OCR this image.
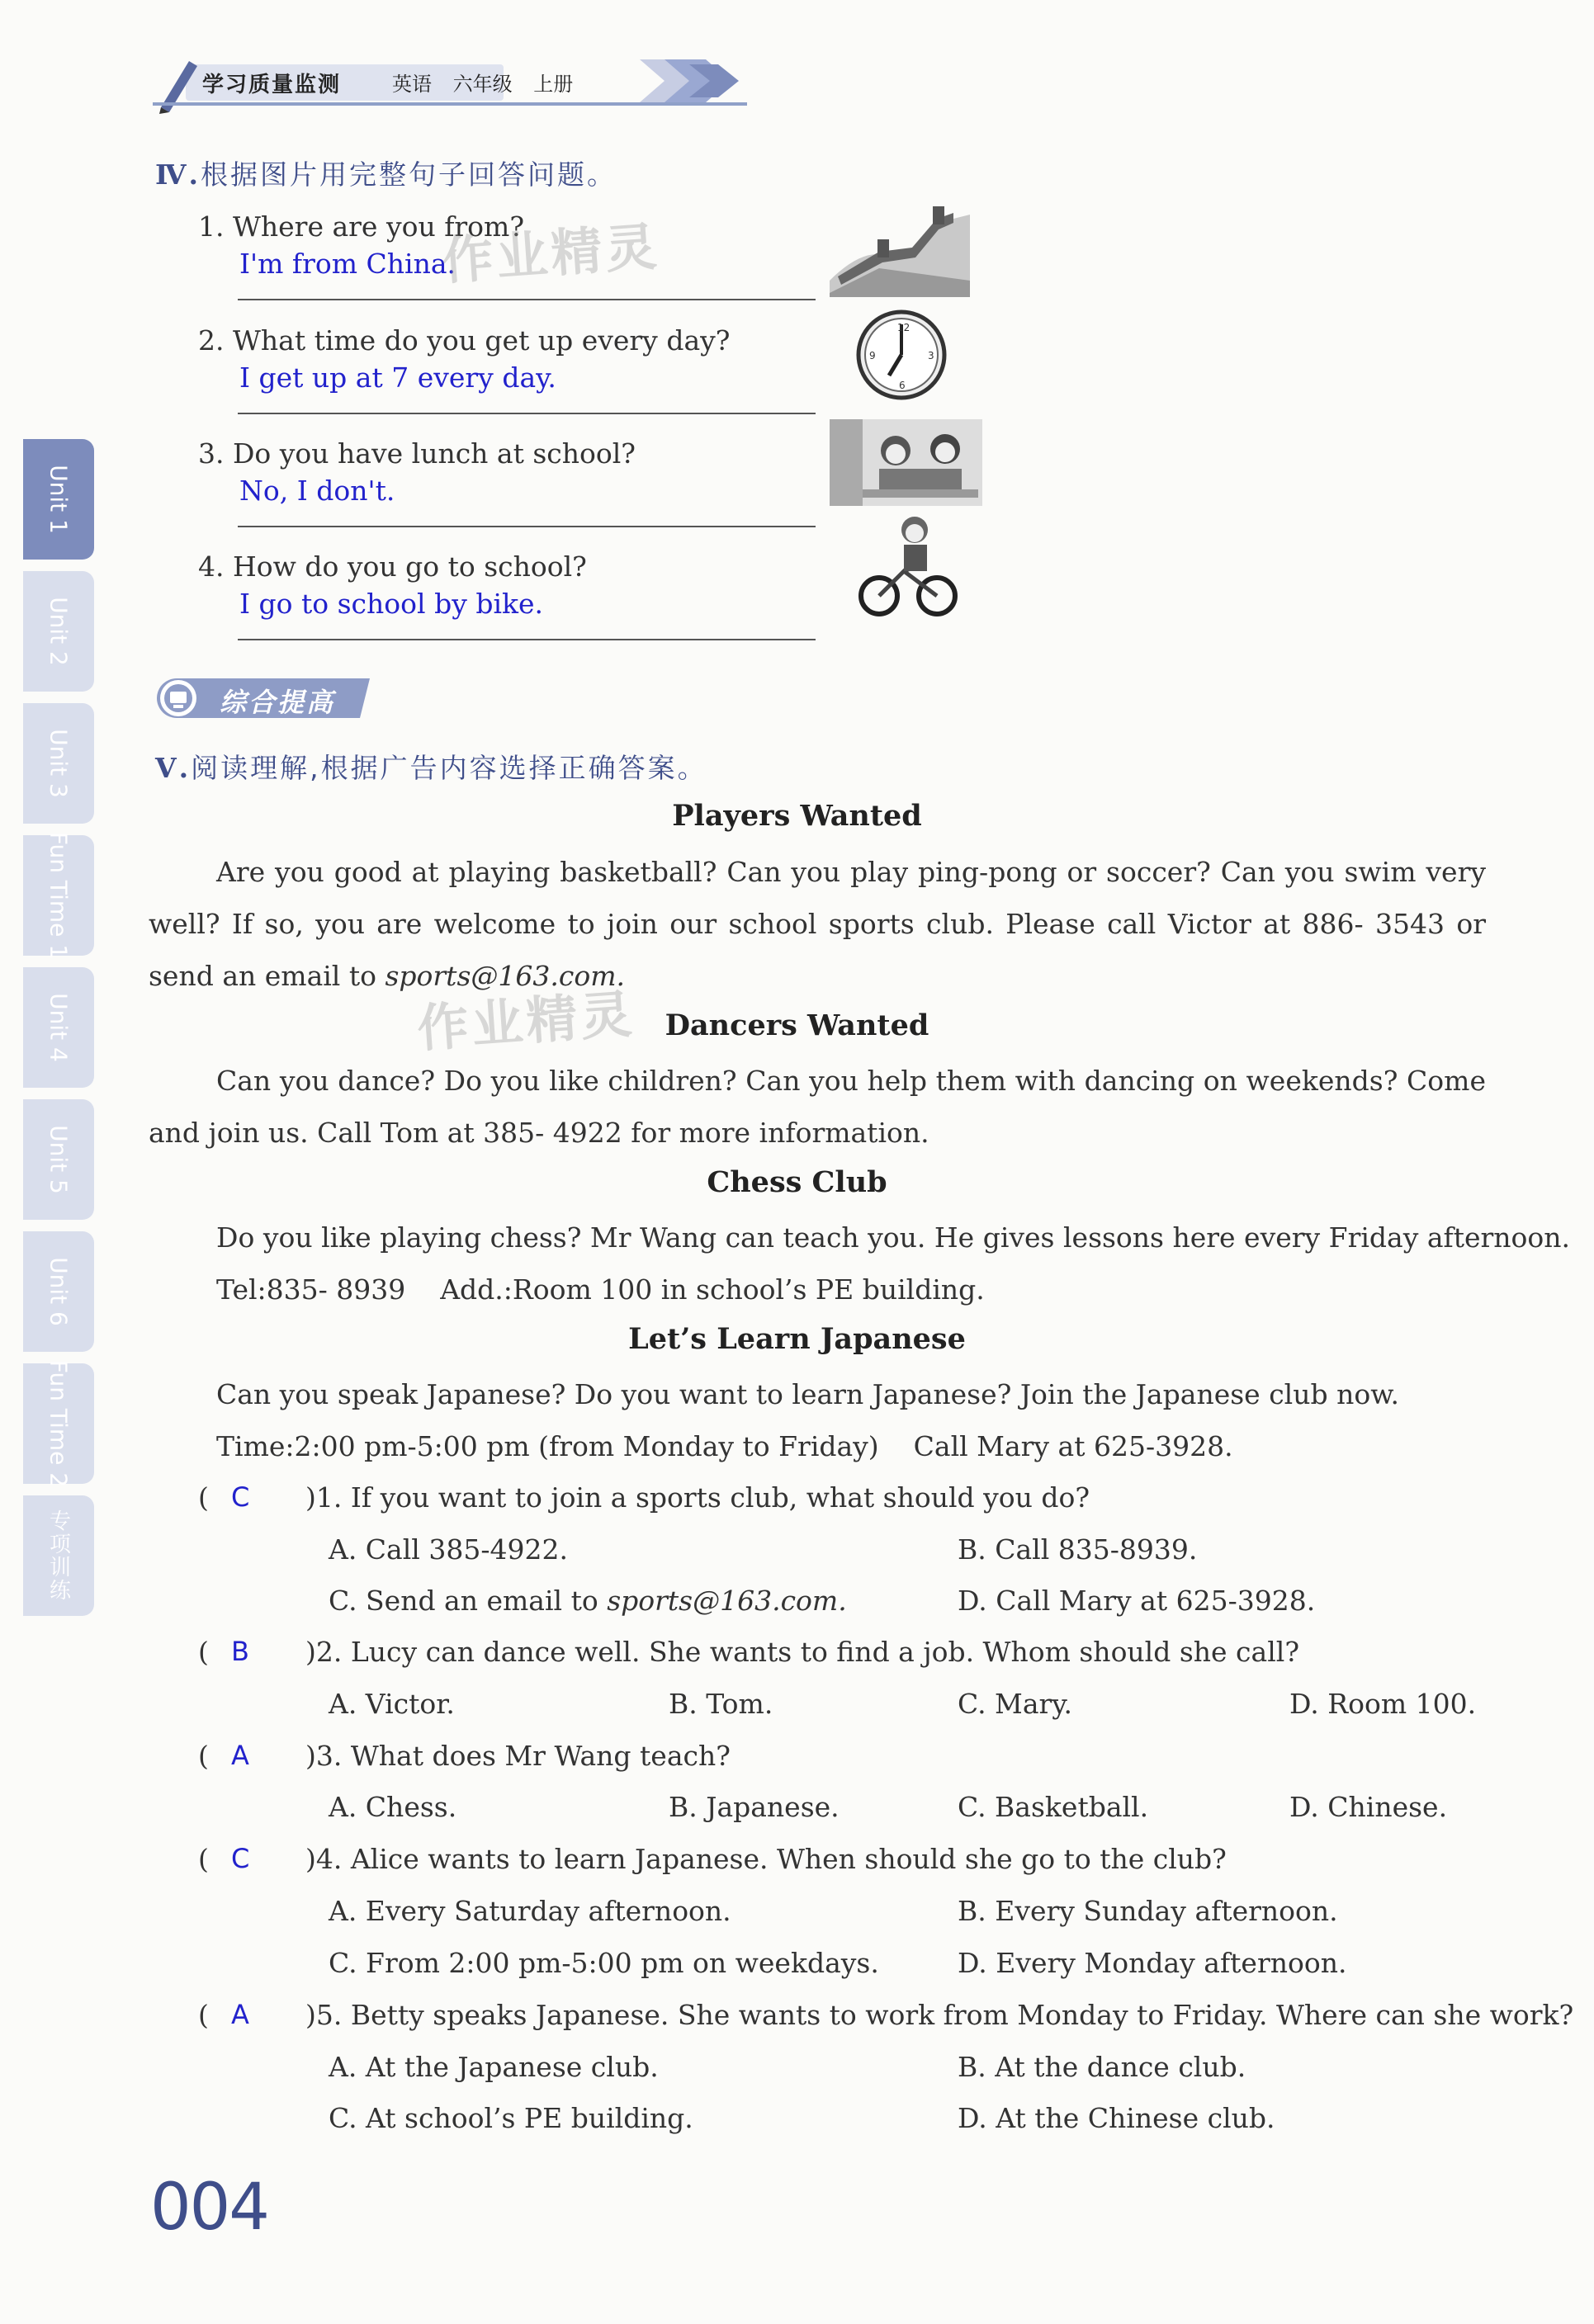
学习质量监测	英语 六年级 上册
Unit 1
Unit 2
Unit 3
Fun Time 1
Unit 4
Unit 5
Unit 6
Fun Time 2
专项训练
Ⅳ.根据图片用完整句子回答问题。
1. Where are you from?
I'm from China.
2. What time do you get up every day?
I get up at 7 every day.
3. Do you have lunch at school?
No, I don't.
4. How do you go to school?
I go to school by bike.
12
3
6
9
作业精灵
作业精灵
综合提高
Ⅴ.阅读理解,根据广告内容选择正确答案。
Players Wanted
Are you good at playing basketball? Can you play ping-pong or soccer? Can you swim very well? If so, you are welcome to join our school sports club. Please call Victor at 886- 3543 or send an email to sports@163.com.
Dancers Wanted
Can you dance? Do you like children? Can you help them with dancing on weekends? Come and join us. Call Tom at 385- 4922 for more information.
Chess Club
Do you like playing chess? Mr Wang can teach you. He gives lessons here every Friday afternoon.
Tel:835- 8939    Add.:Room 100 in school’s PE building.
Let’s Learn Japanese
Can you speak Japanese? Do you want to learn Japanese? Join the Japanese club now.
Time:2:00 pm-5:00 pm (from Monday to Friday)    Call Mary at 625-3928.
( C )1. If you want to join a sports club, what should you do?
A. Call 385-4922.	B. Call 835-8939.
C. Send an email to sports@163.com.	D. Call Mary at 625-3928.
( B )2. Lucy can dance well. She wants to find a job. Whom should she call?
A. Victor.	B. Tom.	C. Mary.	D. Room 100.
( A )3. What does Mr Wang teach?
A. Chess.	B. Japanese.	C. Basketball.	D. Chinese.
( C )4. Alice wants to learn Japanese. When should she go to the club?
A. Every Saturday afternoon.	B. Every Sunday afternoon.
C. From 2:00 pm-5:00 pm on weekdays.	D. Every Monday afternoon.
( A )5. Betty speaks Japanese. She wants to work from Monday to Friday. Where can she work?
A. At the Japanese club.	B. At the dance club.
C. At school’s PE building.	D. At the Chinese club.
004
